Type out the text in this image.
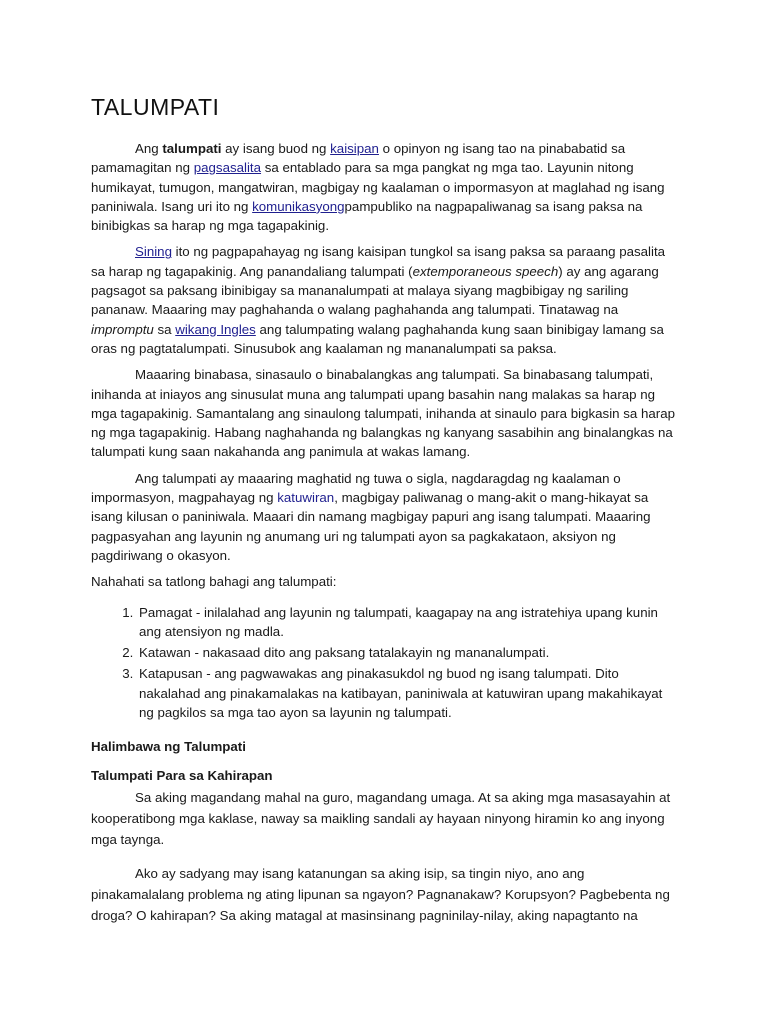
TALUMPATI

Ang talumpati ay isang buod ng kaisipan o opinyon ng isang tao na pinababatid sa pamamagitan ng pagsasalita sa entablado para sa mga pangkat ng mga tao. Layunin nitong humikayat, tumugon, mangatwiran, magbigay ng kaalaman o impormasyon at maglahad ng isang paniniwala. Isang uri ito ng komunikasyongpampubliko na nagpapaliwanag sa isang paksa na binibigkas sa harap ng mga tagapakinig.

Sining ito ng pagpapahayag ng isang kaisipan tungkol sa isang paksa sa paraang pasalita sa harap ng tagapakinig. Ang panandaliang talumpati (extemporaneous speech) ay ang agarang pagsagot sa paksang ibinibigay sa mananalumpati at malaya siyang magbibigay ng sariling pananaw. Maaaring may paghahanda o walang paghahanda ang talumpati. Tinatawag na impromptu sa wikang Ingles ang talumpating walang paghahanda kung saan binibigay lamang sa oras ng pagtatalumpati. Sinusubok ang kaalaman ng mananalumpati sa paksa.

Maaaring binabasa, sinasaulo o binabalangkas ang talumpati. Sa binabasang talumpati, inihanda at iniayos ang sinusulat muna ang talumpati upang basahin nang malakas sa harap ng mga tagapakinig. Samantalang ang sinaulong talumpati, inihanda at sinaulo para bigkasin sa harap ng mga tagapakinig. Habang naghahanda ng balangkas ng kanyang sasabihin ang binalangkas na talumpati kung saan nakahanda ang panimula at wakas lamang.

Ang talumpati ay maaaring maghatid ng tuwa o sigla, nagdaragdag ng kaalaman o impormasyon, magpahayag ng katuwiran, magbigay paliwanag o mang-akit o mang-hikayat sa isang kilusan o paniniwala. Maaari din namang magbigay papuri ang isang talumpati. Maaaring pagpasyahan ang layunin ng anumang uri ng talumpati ayon sa pagkakataon, aksiyon ng pagdiriwang o okasyon.

Nahahati sa tatlong bahagi ang talumpati:

1. Pamagat - inilalahad ang layunin ng talumpati, kaagapay na ang istratehiya upang kunin ang atensiyon ng madla.
2. Katawan - nakasaad dito ang paksang tatalakayin ng mananalumpati.
3. Katapusan - ang pagwawakas ang pinakasukdol ng buod ng isang talumpati. Dito nakalahad ang pinakamalakas na katibayan, paniniwala at katuwiran upang makahikayat ng pagkilos sa mga tao ayon sa layunin ng talumpati.
Halimbawa ng Talumpati
Talumpati Para sa Kahirapan

Sa aking magandang mahal na guro, magandang umaga. At sa aking mga masasayahin at kooperatibong mga kaklase, naway sa maikling sandali ay hayaan ninyong hiramin ko ang inyong mga taynga.

Ako ay sadyang may isang katanungan sa aking isip, sa tingin niyo, ano ang pinakamalalang problema ng ating lipunan sa ngayon? Pagnanakaw? Korupsyon? Pagbebenta ng droga? O kahirapan? Sa aking matagal at masinsinang pagninilay-nilay, aking napagtanto na
